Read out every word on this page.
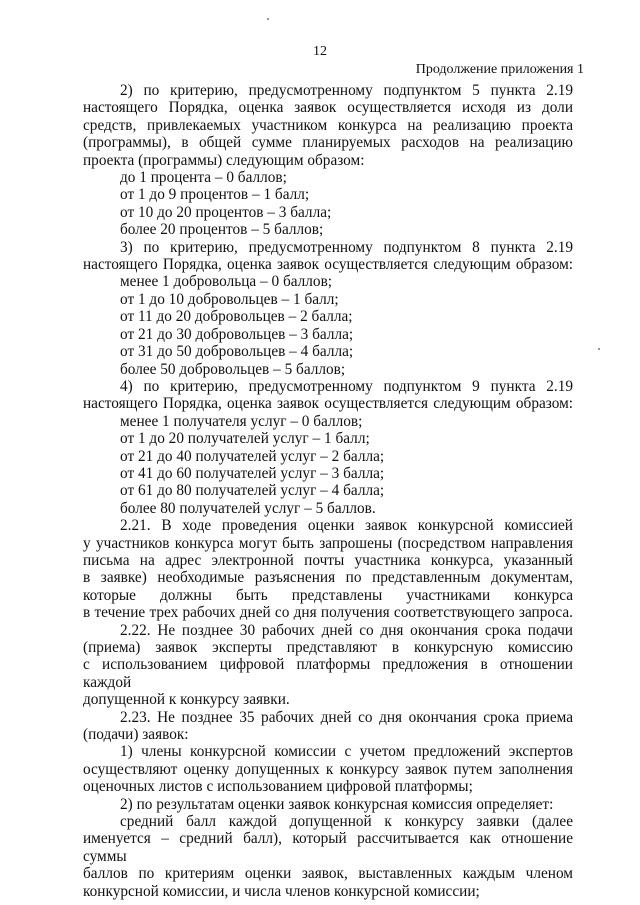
12
Продолжение приложения 1

2) по критерию, предусмотренному подпунктом 5 пункта 2.19

настоящего Порядка, оценка заявок осуществляется исходя из доли

средств, привлекаемых участником конкурса на реализацию проекта

(программы), в общей сумме планируемых расходов на реализацию

проекта (программы) следующим образом:

до 1 процента – 0 баллов;

от 1 до 9 процентов – 1 балл;

от 10 до 20 процентов – 3 балла;

более 20 процентов – 5 баллов;

3) по критерию, предусмотренному подпунктом 8 пункта 2.19

настоящего Порядка, оценка заявок осуществляется следующим образом:

менее 1 добровольца – 0 баллов;

от 1 до 10 добровольцев – 1 балл;

от 11 до 20 добровольцев – 2 балла;

от 21 до 30 добровольцев – 3 балла;

от 31 до 50 добровольцев – 4 балла;

более 50 добровольцев – 5 баллов;

4) по критерию, предусмотренному подпунктом 9 пункта 2.19

настоящего Порядка, оценка заявок осуществляется следующим образом:

менее 1 получателя услуг – 0 баллов;

от 1 до 20 получателей услуг – 1 балл;

от 21 до 40 получателей услуг – 2 балла;

от 41 до 60 получателей услуг – 3 балла;

от 61 до 80 получателей услуг – 4 балла;

более 80 получателей услуг – 5 баллов.

2.21. В ходе проведения оценки заявок конкурсной комиссией

у участников конкурса могут быть запрошены (посредством направления

письма на адрес электронной почты участника конкурса, указанный

в заявке) необходимые разъяснения по представленным документам,

которые должны быть представлены участниками конкурса

в течение трех рабочих дней со дня получения соответствующего запроса.

2.22. Не позднее 30 рабочих дней со дня окончания срока подачи

(приема) заявок эксперты представляют в конкурсную комиссию

с использованием цифровой платформы предложения в отношении каждой

допущенной к конкурсу заявки.

2.23. Не позднее 35 рабочих дней со дня окончания срока приема

(подачи) заявок:

1) члены конкурсной комиссии с учетом предложений экспертов

осуществляют оценку допущенных к конкурсу заявок путем заполнения

оценочных листов с использованием цифровой платформы;

2) по результатам оценки заявок конкурсная комиссия определяет:

средний балл каждой допущенной к конкурсу заявки (далее

именуется – средний балл), который рассчитывается как отношение суммы

баллов по критериям оценки заявок, выставленных каждым членом

конкурсной комиссии, и числа членов конкурсной комиссии;
